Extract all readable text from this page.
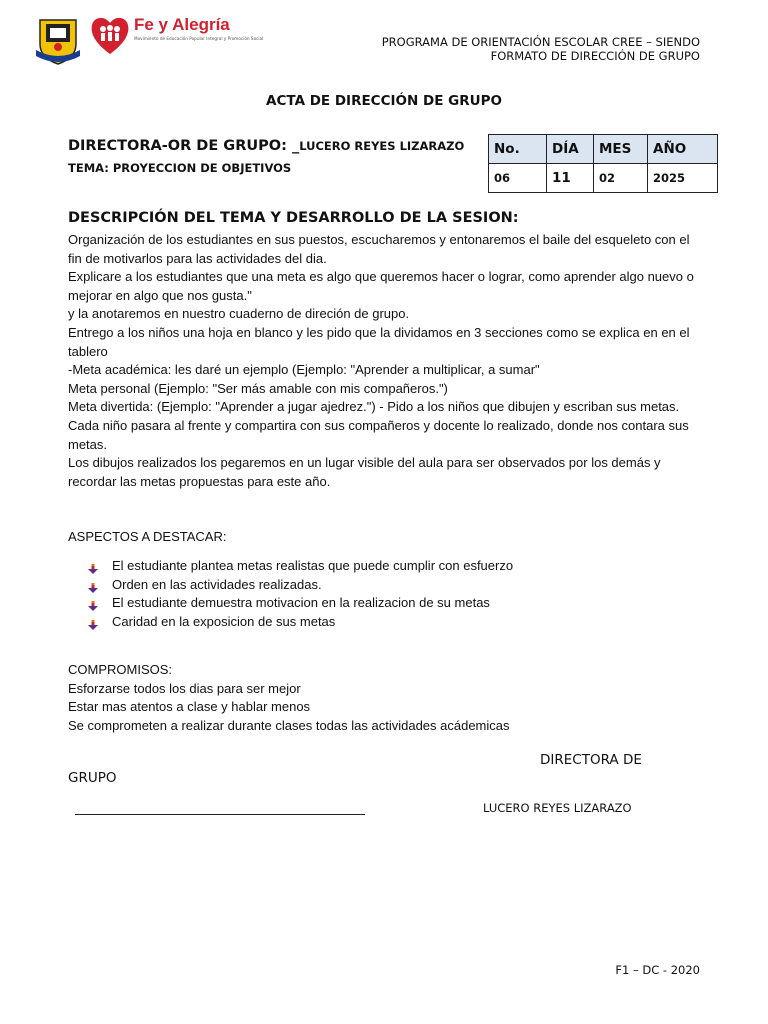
Fe y Alegría
Movimiento de Educación Popular Integral y Promoción Social	PROGRAMA DE ORIENTACIÓN ESCOLAR CREE – SIENDO
FORMATO DE DIRECCIÓN DE GRUPO
ACTA DE DIRECCIÓN DE GRUPO
DIRECTORA-OR DE GRUPO: _LUCERO REYES LIZARAZO
TEMA: PROYECCION DE OBJETIVOS
No.	DÍA	MES	AÑO
06	11	02	2025
DESCRIPCIÓN DEL TEMA Y DESARROLLO DE LA SESION:

Organización de los estudiantes en sus puestos, escucharemos y entonaremos el baile del esqueleto con el fin de motivarlos para las actividades del dia.

Explicare a los estudiantes que una meta es algo que queremos hacer o lograr, como aprender algo nuevo o mejorar en algo que nos gusta."

y la anotaremos en nuestro cuaderno de direción de grupo.

Entrego a los niños una hoja en blanco y les pido que la dividamos en 3 secciones como se explica en en el tablero

-Meta académica: les daré un ejemplo (Ejemplo: "Aprender a multiplicar, a sumar"

Meta personal (Ejemplo: "Ser más amable con mis compañeros.")

Meta divertida: (Ejemplo: "Aprender a jugar ajedrez.") - Pido a los niños que dibujen y escriban sus metas.

Cada niño pasara al frente y compartira con sus compañeros y docente lo realizado, donde nos contara sus metas.

Los dibujos realizados los pegaremos en un lugar visible del aula para ser observados por los demás y recordar las metas propuestas para este año.

ASPECTOS A DESTACAR:
El estudiante plantea metas realistas que puede cumplir con esfuerzo
Orden en las actividades realizadas.
El estudiante demuestra motivacion en la realizacion de su metas
Caridad en la exposicion de sus metas

COMPROMISOS:

Esforzarse todos los dias para ser mejor

Estar mas atentos a clase y hablar menos

Se comprometen a realizar durante clases todas las actividades acádemicas

DIRECTORA DE
GRUPO
LUCERO REYES LIZARAZO
F1 – DC - 2020
